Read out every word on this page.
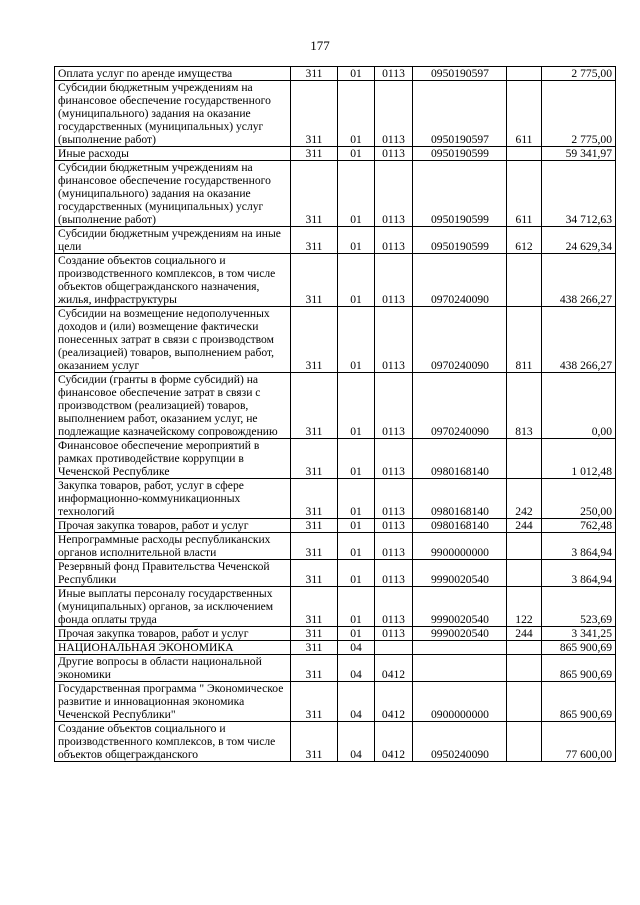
177
Оплата услуг по аренде имущества	311	01	0113	0950190597		2 775,00
Субсидии бюджетным учреждениям на финансовое обеспечение государственного (муниципального) задания на оказание государственных (муниципальных) услуг (выполнение работ)	311	01	0113	0950190597	611	2 775,00
Иные расходы	311	01	0113	0950190599		59 341,97
Субсидии бюджетным учреждениям на финансовое обеспечение государственного (муниципального) задания на оказание государственных (муниципальных) услуг (выполнение работ)	311	01	0113	0950190599	611	34 712,63
Субсидии бюджетным учреждениям на иные цели	311	01	0113	0950190599	612	24 629,34
Создание объектов социального и производственного комплексов, в том числе объектов общегражданского назначения, жилья, инфраструктуры	311	01	0113	0970240090		438 266,27
Субсидии на возмещение недополученных доходов и (или) возмещение фактически понесенных затрат в связи с производством (реализацией) товаров, выполнением работ, оказанием услуг	311	01	0113	0970240090	811	438 266,27
Субсидии (гранты в форме субсидий) на финансовое обеспечение затрат в связи с производством (реализацией) товаров, выполнением работ, оказанием услуг, не подлежащие казначейскому сопровождению	311	01	0113	0970240090	813	0,00
Финансовое обеспечение мероприятий в рамках противодействие коррупции в Чеченской Республике	311	01	0113	0980168140		1 012,48
Закупка товаров, работ, услуг в сфере информационно-коммуникационных технологий	311	01	0113	0980168140	242	250,00
Прочая закупка товаров, работ и услуг	311	01	0113	0980168140	244	762,48
Непрограммные расходы республиканских органов исполнительной власти	311	01	0113	9900000000		3 864,94
Резервный фонд Правительства Чеченской Республики	311	01	0113	9990020540		3 864,94
Иные выплаты персоналу государственных (муниципальных) органов, за исключением фонда оплаты труда	311	01	0113	9990020540	122	523,69
Прочая закупка товаров, работ и услуг	311	01	0113	9990020540	244	3 341,25
НАЦИОНАЛЬНАЯ ЭКОНОМИКА	311	04				865 900,69
Другие вопросы в области национальной экономики	311	04	0412			865 900,69
Государственная программа " Экономическое развитие и инновационная экономика Чеченской Республики"	311	04	0412	0900000000		865 900,69
Создание объектов социального и производственного комплексов, в том числе объектов общегражданского	311	04	0412	0950240090		77 600,00
